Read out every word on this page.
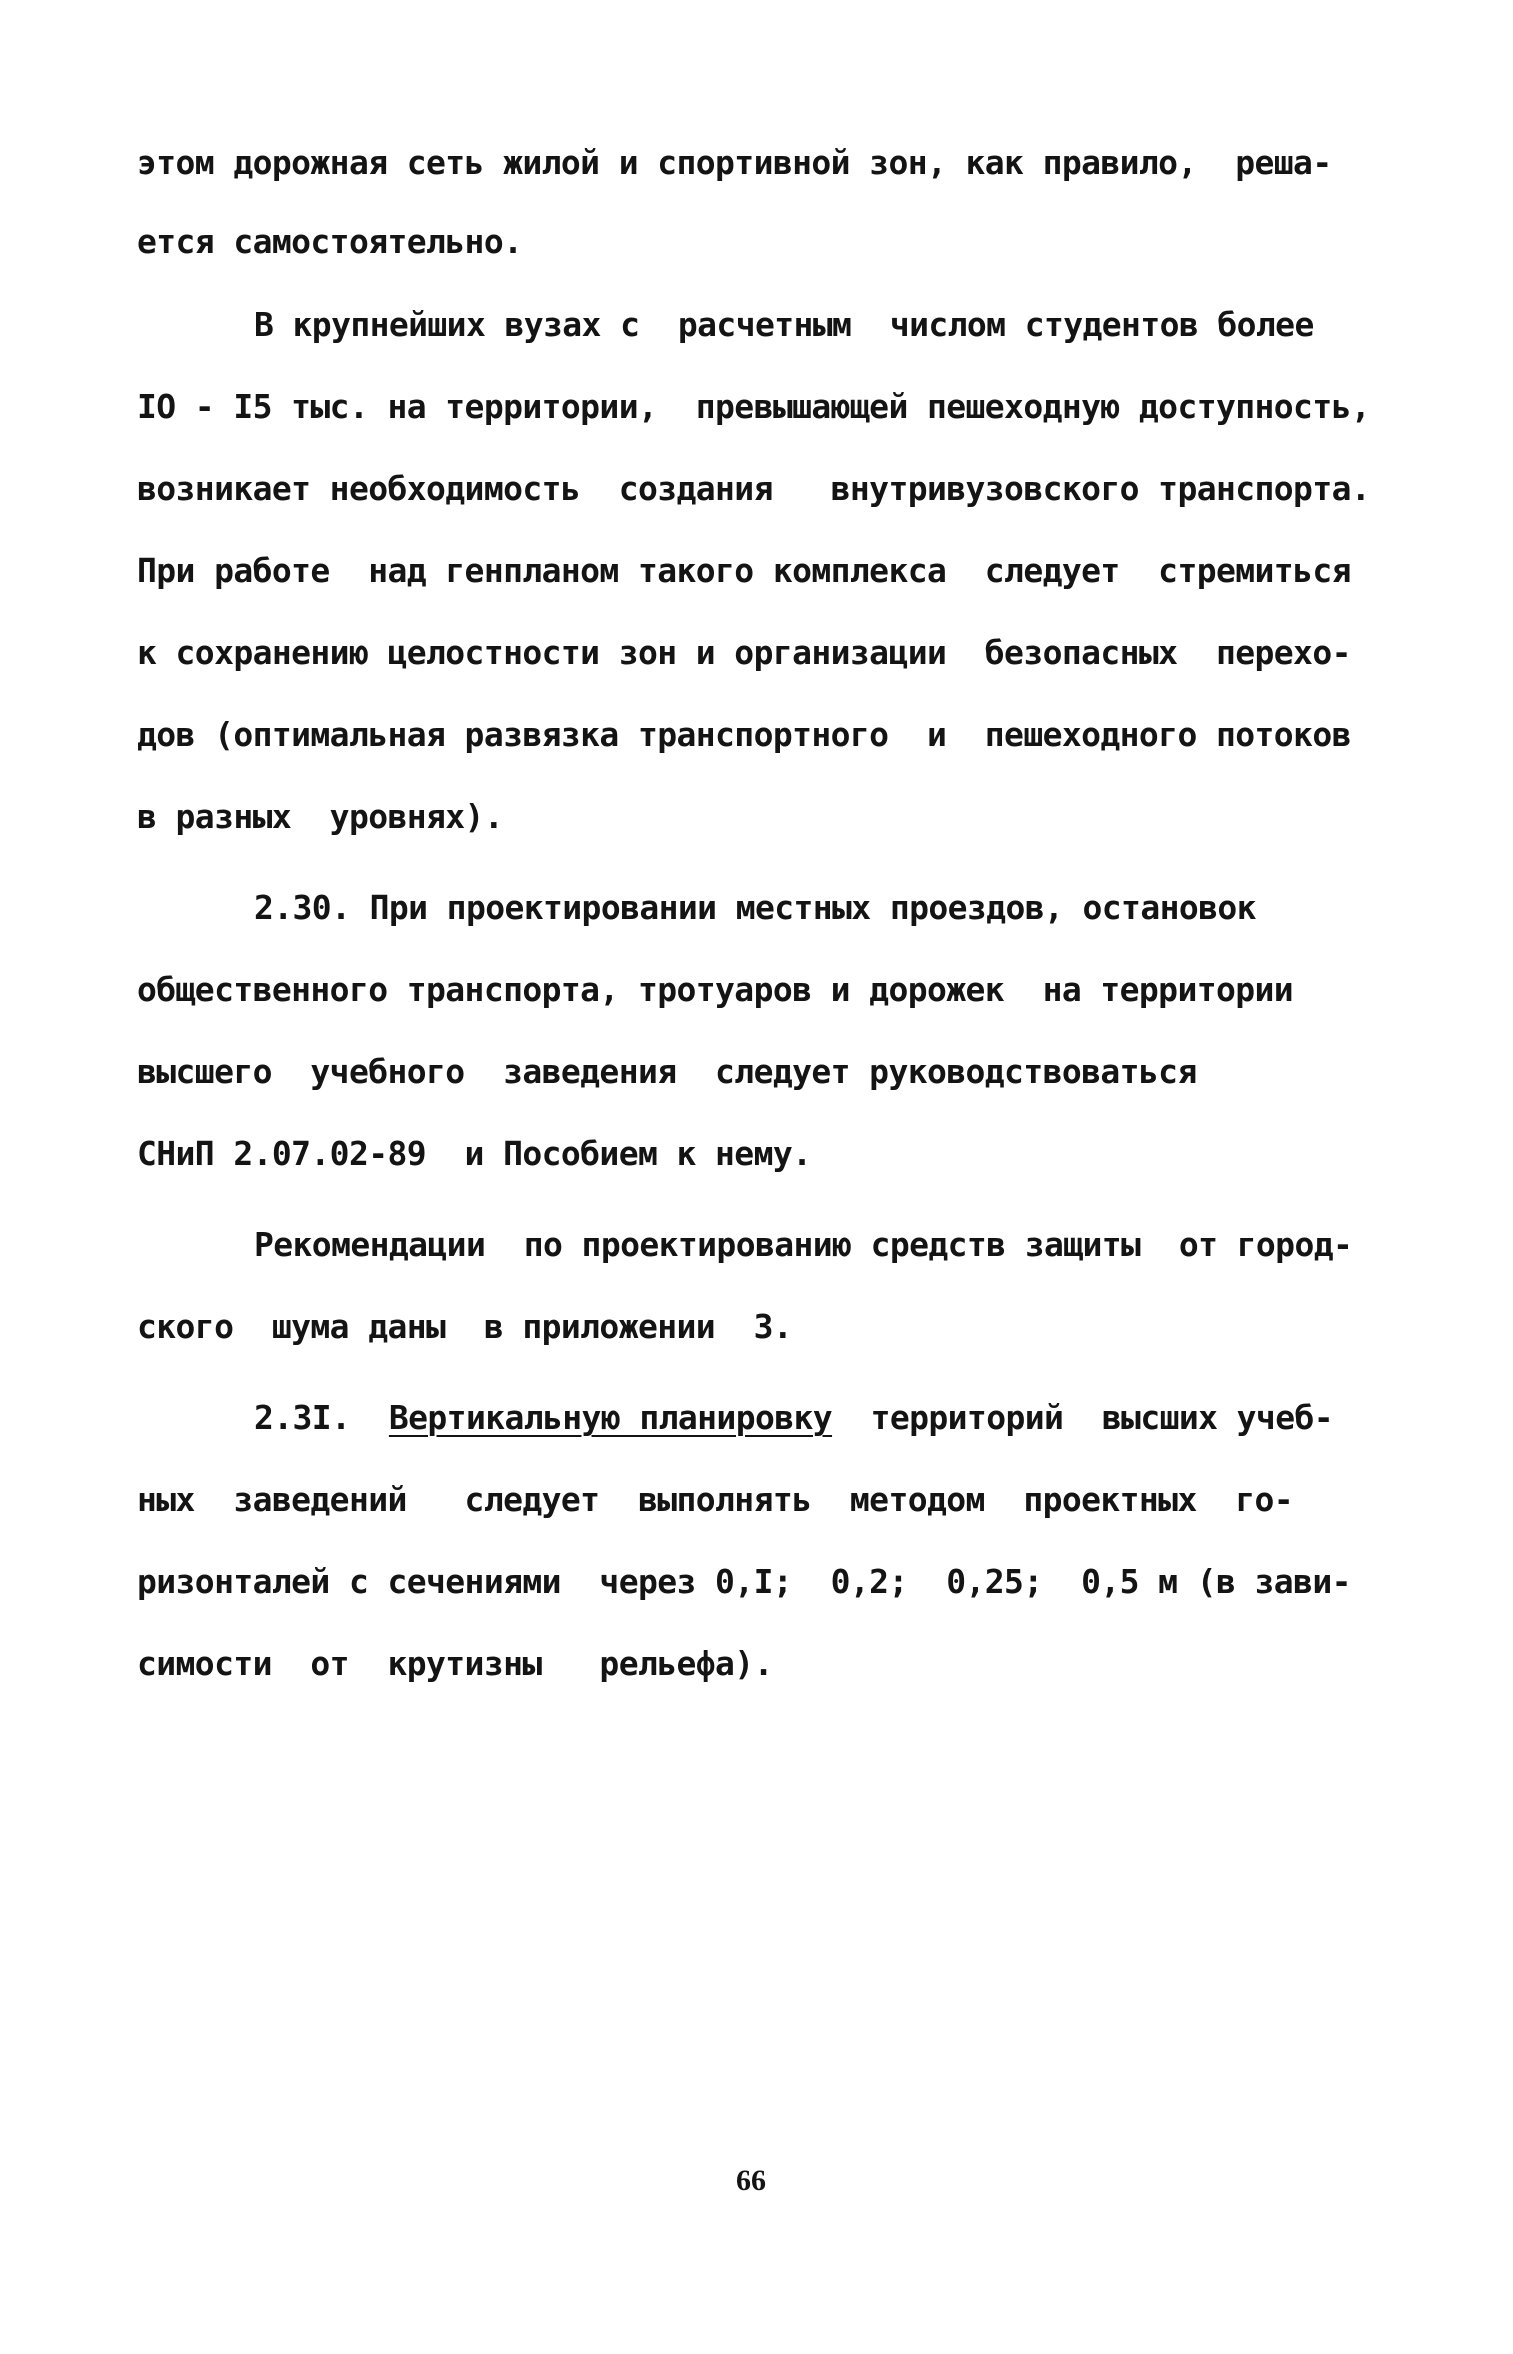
этом дорожная сеть жилой и спортивной зон, как правило,  реша-

ется самостоятельно.

В крупнейших вузах с  расчетным  числом студентов более

IO - I5 тыс. на территории,  превышающей пешеходную доступность,

возникает необходимость  создания   внутривузовского транспорта.

При работе  над генпланом такого комплекса  следует  стремиться

к сохранению целостности зон и организации  безопасных  перехо-

дов (оптимальная развязка транспортного  и  пешеходного потоков

в разных  уровнях).

2.30. При проектировании местных проездов, остановок

общественного транспорта, тротуаров и дорожек  на территории

высшего  учебного  заведения  следует руководствоваться

СНиП 2.07.02-89  и Пособием к нему.

Рекомендации  по проектированию средств защиты  от город-

ского  шума даны  в приложении  3.

2.3I.  Вертикальную планировку  территорий  высших учеб-

ных  заведений   следует  выполнять  методом  проектных  го-

ризонталей с сечениями  через 0,I;  0,2;  0,25;  0,5 м (в зави-

симости  от  крутизны   рельефа).

66
